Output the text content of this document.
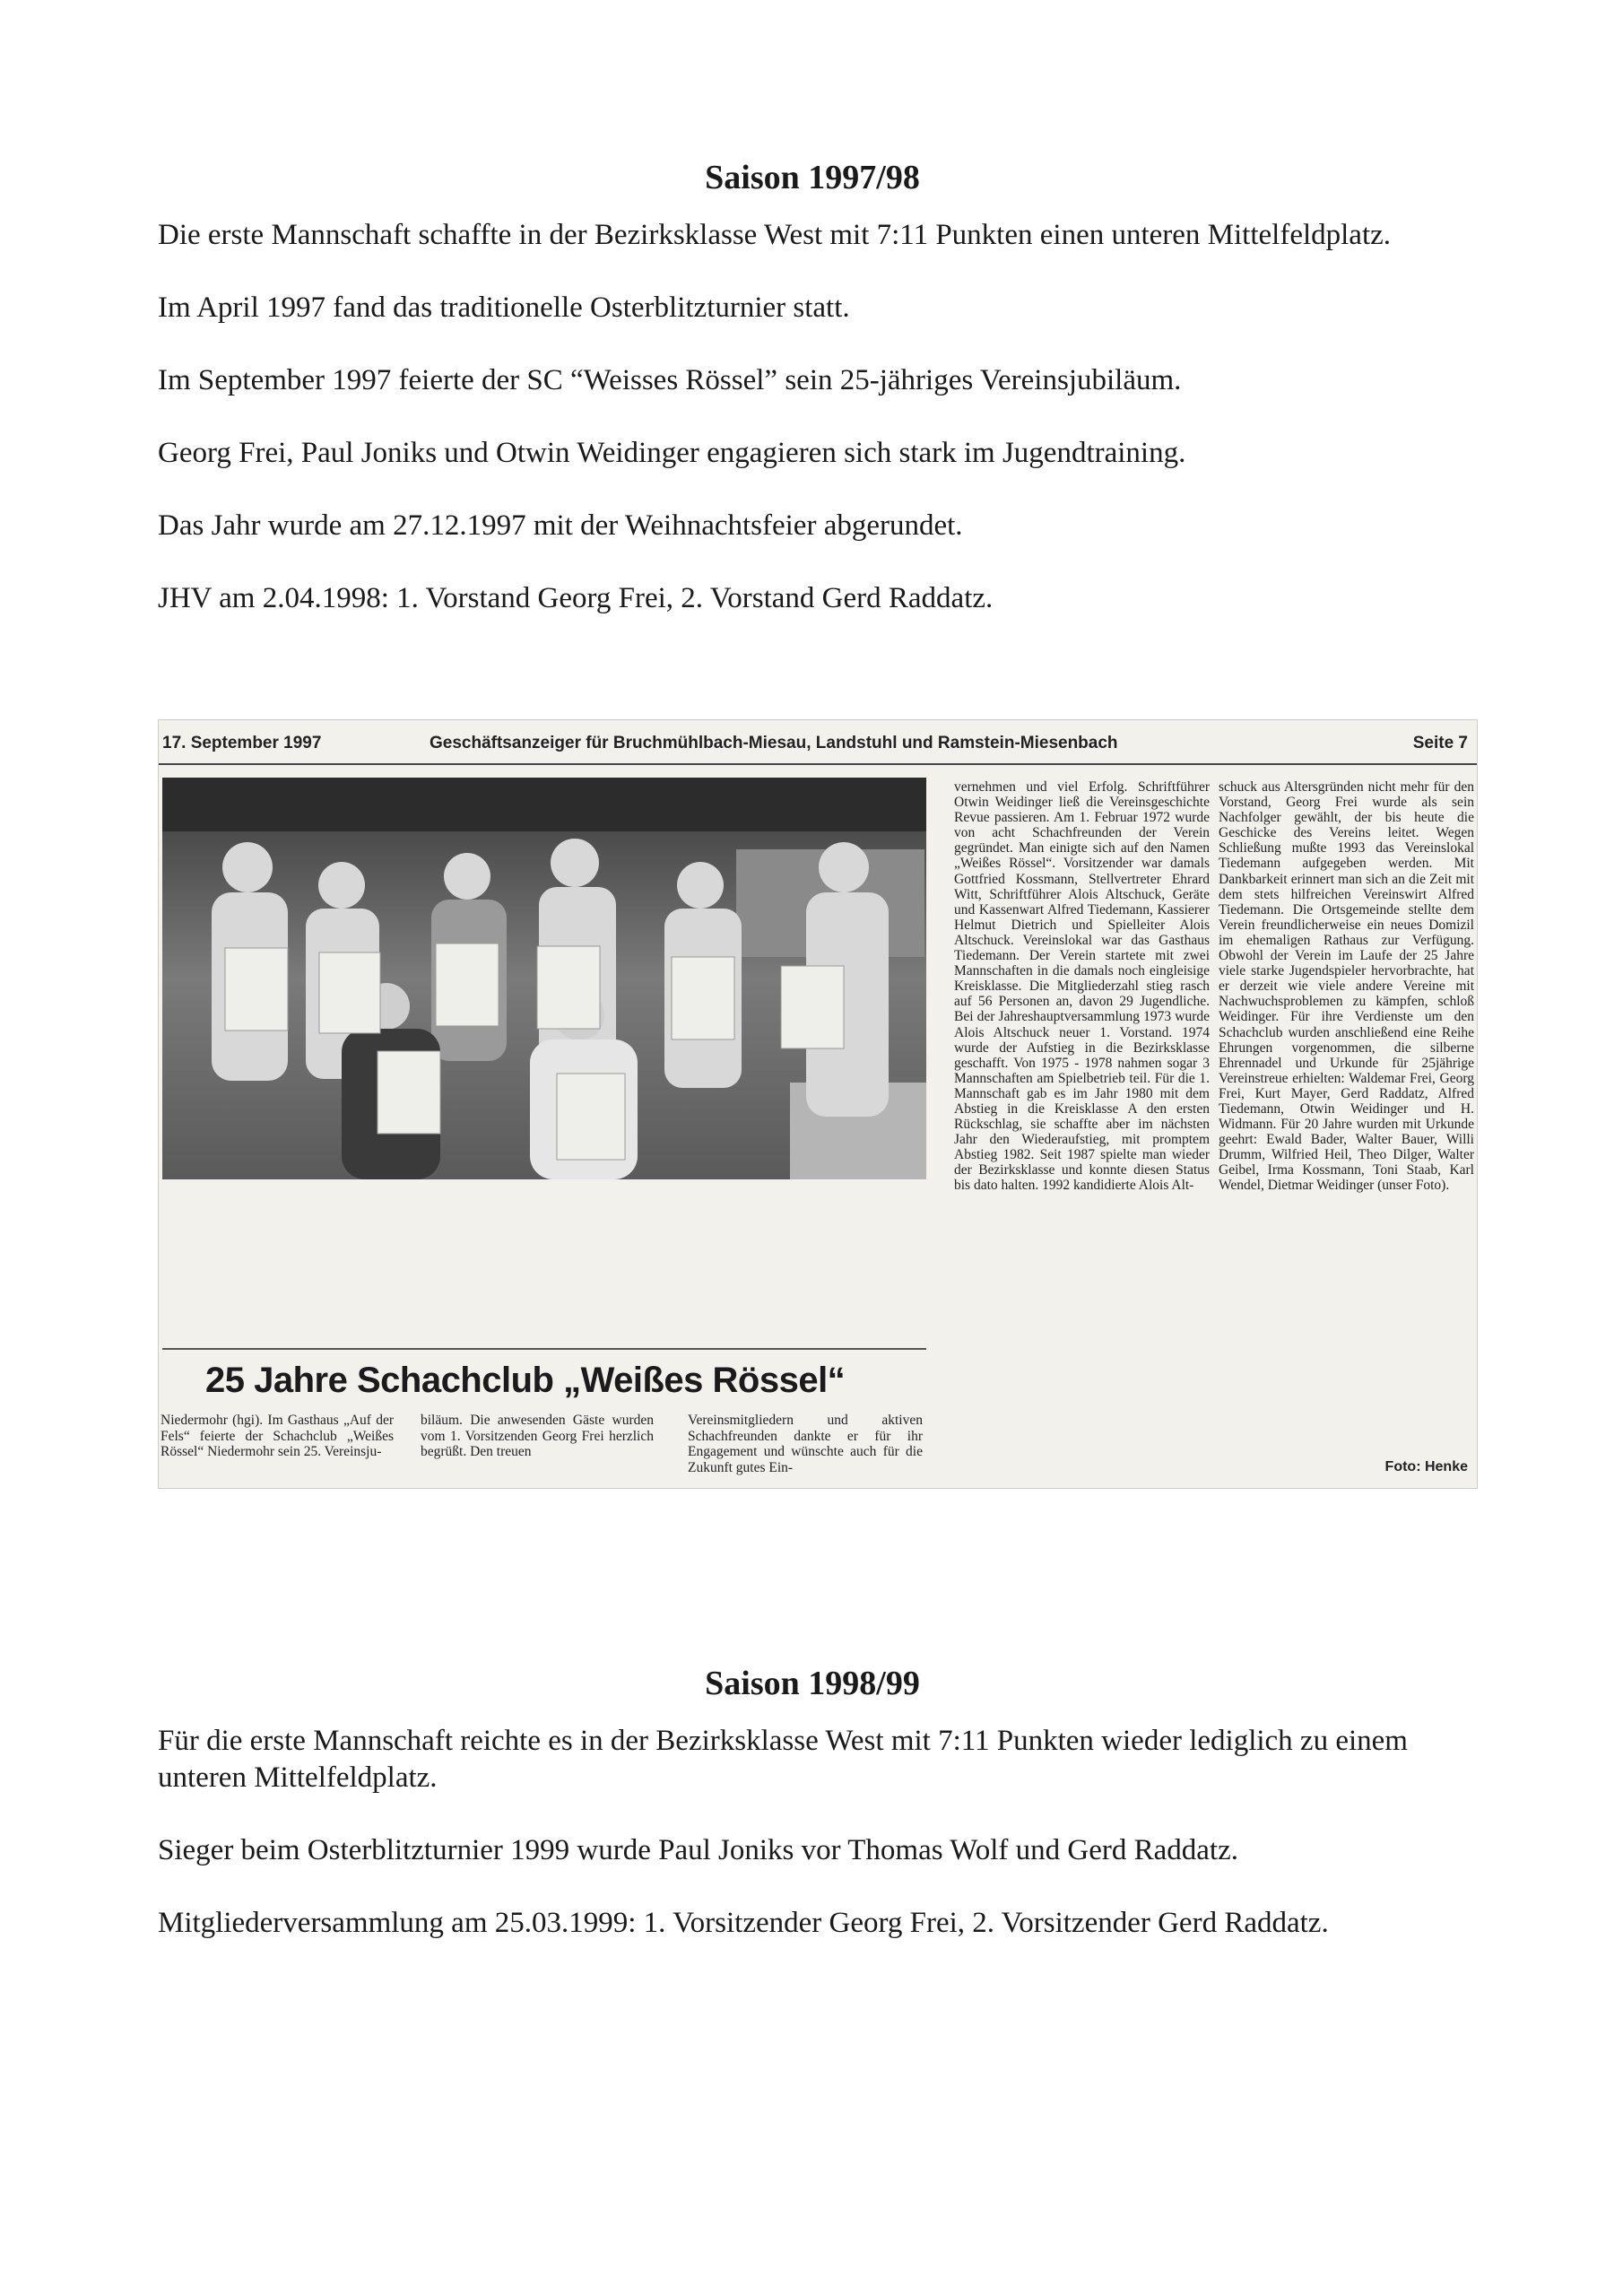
Saison 1997/98

Die erste Mannschaft schaffte in der Bezirksklasse West mit 7:11 Punkten einen unteren Mittelfeldplatz.

Im April 1997 fand das traditionelle Osterblitzturnier statt.

Im September 1997 feierte der SC “Weisses Rössel” sein 25-jähriges Vereinsjubiläum.

Georg Frei, Paul Joniks und Otwin Weidinger engagieren sich stark im Jugendtraining.

Das Jahr wurde am 27.12.1997 mit der Weihnachtsfeier abgerundet.

JHV am 2.04.1998: 1. Vorstand Georg Frei, 2. Vorstand Gerd Raddatz.

17. September 1997	Geschäftsanzeiger für Bruchmühlbach-Miesau, Landstuhl und Ramstein-Miesenbach	Seite 7
25 Jahre Schachclub „Weißes Rössel“
Niedermohr (hgi). Im Gasthaus „Auf der Fels“ feierte der Schachclub „Weißes Rössel“ Niedermohr sein 25. Vereinsju-
biläum. Die anwesenden Gäste wurden vom 1. Vorsitzenden Georg Frei herzlich begrüßt. Den treuen
Vereinsmitgliedern und aktiven Schachfreunden dankte er für ihr Engagement und wünschte auch für die Zukunft gutes Ein-
vernehmen und viel Erfolg. Schriftführer Otwin Weidinger ließ die Vereinsgeschichte Revue passieren. Am 1. Februar 1972 wurde von acht Schachfreunden der Verein gegründet. Man einigte sich auf den Namen „Weißes Rössel“. Vorsitzender war damals Gottfried Kossmann, Stellvertreter Ehrard Witt, Schriftführer Alois Altschuck, Geräte und Kassenwart Alfred Tiedemann, Kassierer Helmut Dietrich und Spielleiter Alois Altschuck. Vereinslokal war das Gasthaus Tiedemann. Der Verein startete mit zwei Mannschaften in die damals noch eingleisige Kreisklasse. Die Mitgliederzahl stieg rasch auf 56 Personen an, davon 29 Jugendliche. Bei der Jahreshauptversammlung 1973 wurde Alois Altschuck neuer 1. Vorstand. 1974 wurde der Aufstieg in die Bezirksklasse geschafft. Von 1975 - 1978 nahmen sogar 3 Mannschaften am Spielbetrieb teil. Für die 1. Mannschaft gab es im Jahr 1980 mit dem Abstieg in die Kreisklasse A den ersten Rückschlag, sie schaffte aber im nächsten Jahr den Wiederaufstieg, mit promptem Abstieg 1982. Seit 1987 spielte man wieder der Bezirksklasse und konnte diesen Status bis dato halten. 1992 kandidierte Alois Alt-
schuck aus Altersgründen nicht mehr für den Vorstand, Georg Frei wurde als sein Nachfolger gewählt, der bis heute die Geschicke des Vereins leitet. Wegen Schließung mußte 1993 das Vereinslokal Tiedemann aufgegeben werden. Mit Dankbarkeit erinnert man sich an die Zeit mit dem stets hilfreichen Vereinswirt Alfred Tiedemann. Die Ortsgemeinde stellte dem Verein freundlicherweise ein neues Domizil im ehemaligen Rathaus zur Verfügung. Obwohl der Verein im Laufe der 25 Jahre viele starke Jugendspieler hervorbrachte, hat er derzeit wie viele andere Vereine mit Nachwuchsproblemen zu kämpfen, schloß Weidinger. Für ihre Verdienste um den Schachclub wurden anschließend eine Reihe Ehrungen vorgenommen, die silberne Ehrennadel und Urkunde für 25jährige Vereinstreue erhielten: Waldemar Frei, Georg Frei, Kurt Mayer, Gerd Raddatz, Alfred Tiedemann, Otwin Weidinger und H. Widmann. Für 20 Jahre wurden mit Urkunde geehrt: Ewald Bader, Walter Bauer, Willi Drumm, Wilfried Heil, Theo Dilger, Walter Geibel, Irma Kossmann, Toni Staab, Karl Wendel, Dietmar Weidinger (unser Foto).
Foto: Henke
Saison 1998/99

Für die erste Mannschaft reichte es in der Bezirksklasse West mit 7:11 Punkten wieder lediglich zu einem unteren Mittelfeldplatz.

Sieger beim Osterblitzturnier 1999 wurde Paul Joniks vor Thomas Wolf und Gerd Raddatz.

Mitgliederversammlung am 25.03.1999: 1. Vorsitzender Georg Frei, 2. Vorsitzender Gerd Raddatz.
